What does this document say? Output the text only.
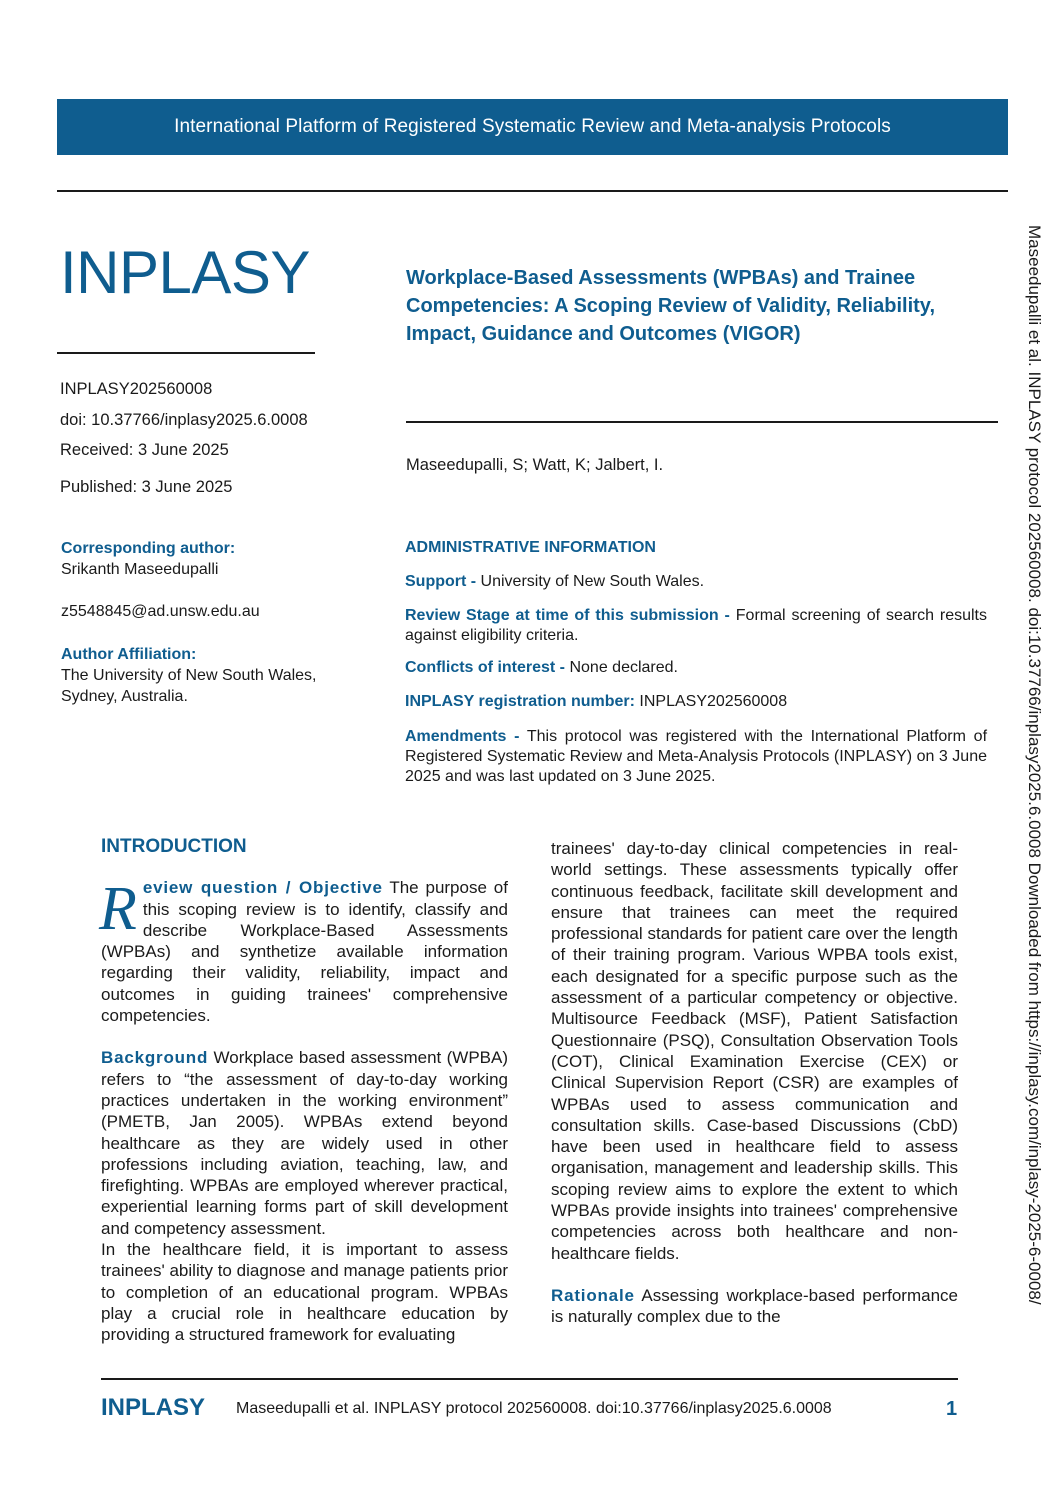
International Platform of Registered Systematic Review and Meta-analysis Protocols
INPLASY
INPLASY202560008
doi: 10.37766/inplasy2025.6.0008
Received: 3 June 2025
Published: 3 June 2025
Workplace-Based Assessments (WPBAs) and Trainee Competencies: A Scoping Review of Validity, Reliability, Impact, Guidance and Outcomes (VIGOR)
Maseedupalli, S; Watt, K; Jalbert, I.
Corresponding author:
Srikanth Maseedupalli
z5548845@ad.unsw.edu.au
Author Affiliation:
The University of New South Wales, Sydney, Australia.
ADMINISTRATIVE INFORMATION
Support - University of New South Wales.
Review Stage at time of this submission - Formal screening of search results against eligibility criteria.
Conflicts of interest - None declared.
INPLASY registration number: INPLASY202560008
Amendments - This protocol was registered with the International Platform of Registered Systematic Review and Meta-Analysis Protocols (INPLASY) on 3 June 2025 and was last updated on 3 June 2025.	Maseedupalli et al. INPLASY protocol 202560008. doi:10.37766/inplasy2025.6.0008 Downloaded from https://inplasy.com/inplasy-2025-6-0008/

INTRODUCTION

Review question / Objective The purpose of this scoping review is to identify, classify and describe Workplace-Based Assessments (WPBAs) and synthetize available information regarding their validity, reliability, impact and outcomes in guiding trainees' comprehensive competencies.

Background Workplace based assessment (WPBA) refers to “the assessment of day-to-day working practices undertaken in the working environment” (PMETB, Jan 2005). WPBAs extend beyond healthcare as they are widely used in other professions including aviation, teaching, law, and firefighting. WPBAs are employed wherever practical, experiential learning forms part of skill development and competency assessment.

In the healthcare field, it is important to assess trainees' ability to diagnose and manage patients prior to completion of an educational program. WPBAs play a crucial role in healthcare education by providing a structured framework for evaluating

trainees' day-to-day clinical competencies in real-world settings. These assessments typically offer continuous feedback, facilitate skill development and ensure that trainees can meet the required professional standards for patient care over the length of their training program. Various WPBA tools exist, each designated for a specific purpose such as the assessment of a particular competency or objective. Multisource Feedback (MSF), Patient Satisfaction Questionnaire (PSQ), Consultation Observation Tools (COT), Clinical Examination Exercise (CEX) or Clinical Supervision Report (CSR) are examples of WPBAs used to assess communication and consultation skills. Case-based Discussions (CbD) have been used in healthcare field to assess organisation, management and leadership skills. This scoping review aims to explore the extent to which WPBAs provide insights into trainees' comprehensive competencies across both healthcare and non-healthcare fields.

Rationale Assessing workplace-based performance is naturally complex due to the

INPLASY Maseedupalli et al. INPLASY protocol 202560008. doi:10.37766/inplasy2025.6.0008	1
